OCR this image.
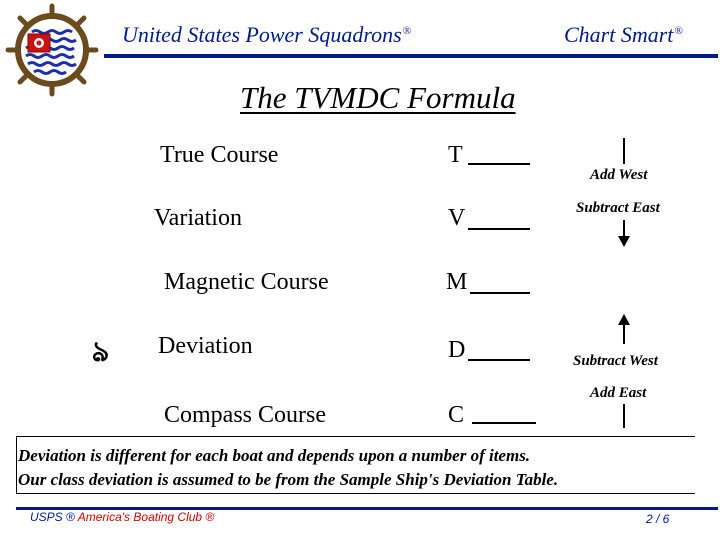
United States Power Squadrons®	Chart Smart®
The TVMDC Formula
True Course	T
Variation	V
Magnetic Course	M
ঌ Deviation	D
Compass Course	C
Add West
Subtract East
Subtract West
Add East
Deviation is different for each boat and depends upon a number of items.
Our class deviation is assumed to be from the Sample Ship's Deviation Table.
USPS ® America's Boating Club ®	2 / 6
